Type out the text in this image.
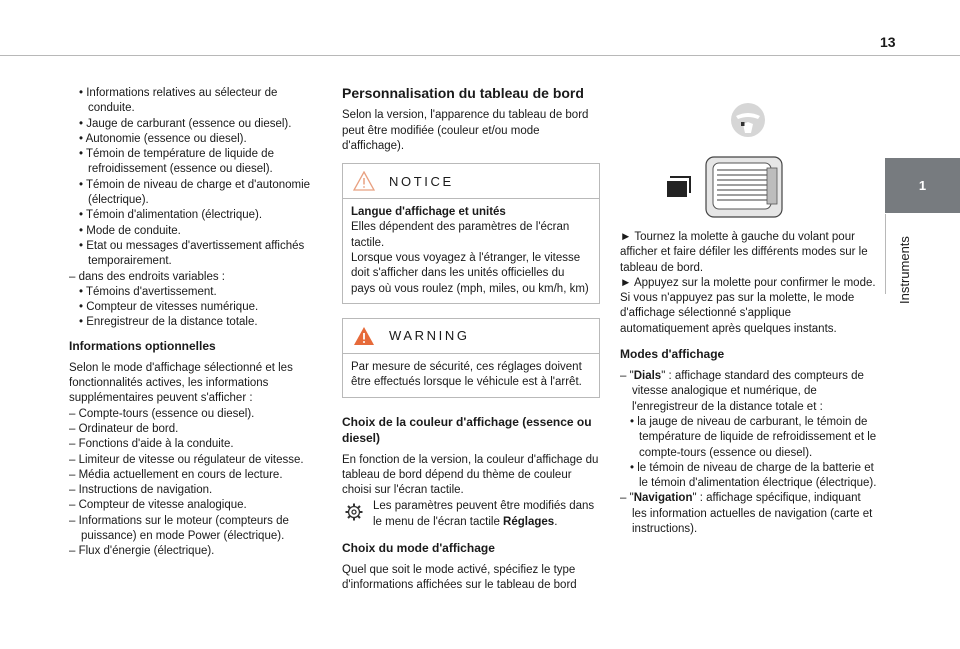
13
1
Instruments

• Informations relatives au sélecteur de conduite.

• Jauge de carburant (essence ou diesel).

• Autonomie (essence ou diesel).

• Témoin de température de liquide de refroidissement (essence ou diesel).

• Témoin de niveau de charge et d'autonomie (électrique).

• Témoin d'alimentation (électrique).

• Mode de conduite.

• Etat ou messages d'avertissement affichés temporairement.

– dans des endroits variables :

• Témoins d'avertissement.

• Compteur de vitesses numérique.

• Enregistreur de la distance totale.

Informations optionnelles

Selon le mode d'affichage sélectionné et les fonctionnalités actives, les informations supplémentaires peuvent s'afficher :

– Compte-tours (essence ou diesel).

– Ordinateur de bord.

– Fonctions d'aide à la conduite.

– Limiteur de vitesse ou régulateur de vitesse.

– Média actuellement en cours de lecture.

– Instructions de navigation.

– Compteur de vitesse analogique.

– Informations sur le moteur (compteurs de puissance) en mode Power (électrique).

– Flux d'énergie (électrique).

Personnalisation du tableau de bord

Selon la version, l'apparence du tableau de bord peut être modifiée (couleur et/ou mode d'affichage).

NOTICE

Langue d'affichage et unités

Elles dépendent des paramètres de l'écran tactile.
Lorsque vous voyagez à l'étranger, le vitesse doit s'afficher dans les unités officielles du pays où vous roulez (mph, miles, ou km/h, km)

WARNING

Par mesure de sécurité, ces réglages doivent être effectués lorsque le véhicule est à l'arrêt.

Choix de la couleur d'affichage (essence ou diesel)

En fonction de la version, la couleur d'affichage du tableau de bord dépend du thème de couleur choisi sur l'écran tactile.

Les paramètres peuvent être modifiés dans le menu de l'écran tactile Réglages.

Choix du mode d'affichage

Quel que soit le mode activé, spécifiez le type d'informations affichées sur le tableau de bord

► Tournez la molette à gauche du volant pour afficher et faire défiler les différents modes sur le tableau de bord.

► Appuyez sur la molette pour confirmer le mode.

Si vous n'appuyez pas sur la molette, le mode d'affichage sélectionné s'applique automatiquement après quelques instants.

Modes d'affichage

– "Dials" : affichage standard des compteurs de vitesse analogique et numérique, de l'enregistreur de la distance totale et :

• la jauge de niveau de carburant, le témoin de température de liquide de refroidissement et le compte-tours (essence ou diesel).

• le témoin de niveau de charge de la batterie et le témoin d'alimentation électrique (électrique).

– "Navigation" : affichage spécifique, indiquant les information actuelles de navigation (carte et instructions).
